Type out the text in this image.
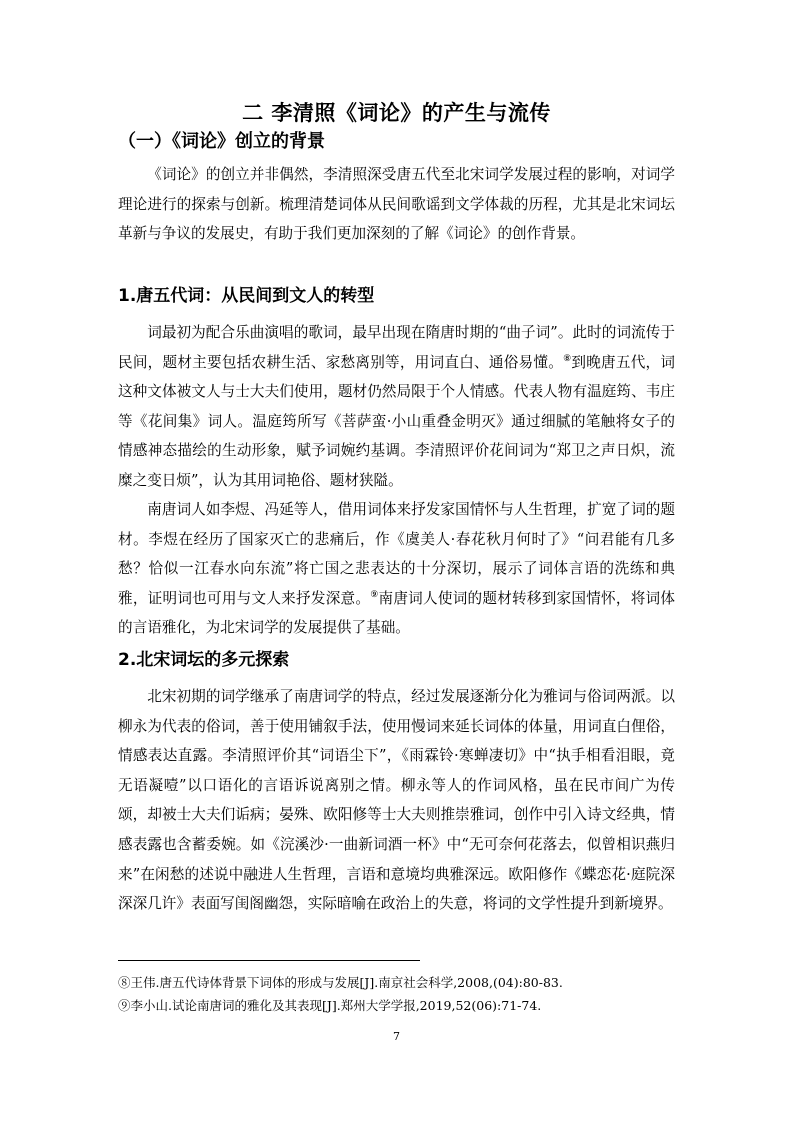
二 李清照《词论》的产生与流传
（一）《词论》创立的背景

《词论》的创立并非偶然，李清照深受唐五代至北宋词学发展过程的影响，对词学理论进行的探索与创新。梳理清楚词体从民间歌谣到文学体裁的历程，尤其是北宋词坛革新与争议的发展史，有助于我们更加深刻的了解《词论》的创作背景。

1.唐五代词：从民间到文人的转型

词最初为配合乐曲演唱的歌词，最早出现在隋唐时期的“曲子词”。此时的词流传于民间，题材主要包括农耕生活、家愁离别等，用词直白、通俗易懂。⑧到晚唐五代，词这种文体被文人与士大夫们使用，题材仍然局限于个人情感。代表人物有温庭筠、韦庄等《花间集》词人。温庭筠所写《菩萨蛮·小山重叠金明灭》通过细腻的笔触将女子的情感神态描绘的生动形象，赋予词婉约基调。李清照评价花间词为“郑卫之声日炽，流糜之变日烦”，认为其用词艳俗、题材狭隘。

南唐词人如李煜、冯延等人，借用词体来抒发家国情怀与人生哲理，扩宽了词的题材。李煜在经历了国家灭亡的悲痛后，作《虞美人·春花秋月何时了》“问君能有几多愁？恰似一江春水向东流”将亡国之悲表达的十分深切，展示了词体言语的洗练和典雅，证明词也可用与文人来抒发深意。⑨南唐词人使词的题材转移到家国情怀，将词体的言语雅化，为北宋词学的发展提供了基础。

2.北宋词坛的多元探索

北宋初期的词学继承了南唐词学的特点，经过发展逐渐分化为雅词与俗词两派。以柳永为代表的俗词，善于使用铺叙手法，使用慢词来延长词体的体量，用词直白俚俗，情感表达直露。李清照评价其“词语尘下”，《雨霖铃·寒蝉凄切》中“执手相看泪眼，竟无语凝噎”以口语化的言语诉说离别之情。柳永等人的作词风格，虽在民市间广为传颂，却被士大夫们诟病；晏殊、欧阳修等士大夫则推崇雅词，创作中引入诗文经典，情感表露也含蓄委婉。如《浣溪沙·一曲新词酒一杯》中“无可奈何花落去，似曾相识燕归来”在闲愁的述说中融进人生哲理，言语和意境均典雅深远。欧阳修作《蝶恋花·庭院深深深几许》表面写闺阁幽怨，实际暗喻在政治上的失意，将词的文学性提升到新境界。

⑧王伟.唐五代诗体背景下词体的形成与发展[J].南京社会科学,2008,(04):80-83.

⑨李小山.试论南唐词的雅化及其表现[J].郑州大学学报,2019,52(06):71-74.

7
